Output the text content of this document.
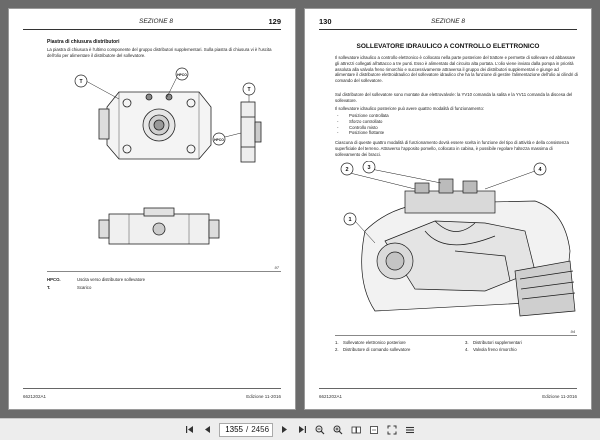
SEZIONE 8	129
Piastra di chiusura distributori
La piastra di chiusura è l'ultimo componente del gruppo distributori supplementari. Sulla piastra di chiusura vi è l'uscita dell'olio per alimentare il distributore del sollevatore.
T
HPCO
T
HPCO
97
HPCO.	Uscita verso distributore sollevatore
T.	Scarico
6621202A1	Edizione 11-2016
130	SEZIONE 8
SOLLEVATORE IDRAULICO A CONTROLLO ELETTRONICO
Il sollevatore idraulico a controllo elettronico è collocato nella parte posteriore del trattore e permette di sollevare ed abbassare gli attrezzi collegati all'attacco a tre punti. Esso è alimentato dal circuito alta portata. L'olio viene inviato dalla pompa in priorità assoluta alla valvola freno rimorchio e successivamente attraversa il gruppo dei distributori supplementari e giunge ad alimentare il distributore elettroidraulico del sollevatore idraulico che ha la funzione di gestire l'alimentazione dell'olio ai cilindri di comando del sollevatore.
Sul distributore del sollevatore sono montate due elettrovalvole: la YV10 comanda la salita e la YV11 comanda la discesa del sollevatore.
Il sollevatore idraulico posteriore può avere quattro modalità di funzionamento:
- Posizione controllata
- Sforzo controllato
- Controllo misto
- Posizione flottante
Ciascuna di queste quattro modalità di funzionamento dovrà essere scelta in funzione del tipo di attività e della consistenza superficiale del terreno. Attraverso l'apposito pomello, collocato in cabina, è possibile regolare l'altezza massima di sollevamento dei bracci.
1
2	3	4
94
1. Sollevatore elettronico posteriore
2. Distributore di comando sollevatore
3. Distributori supplementari
4. Valvola freno rimorchio
6621202A1	Edizione 11-2016
1355
/ 2456
